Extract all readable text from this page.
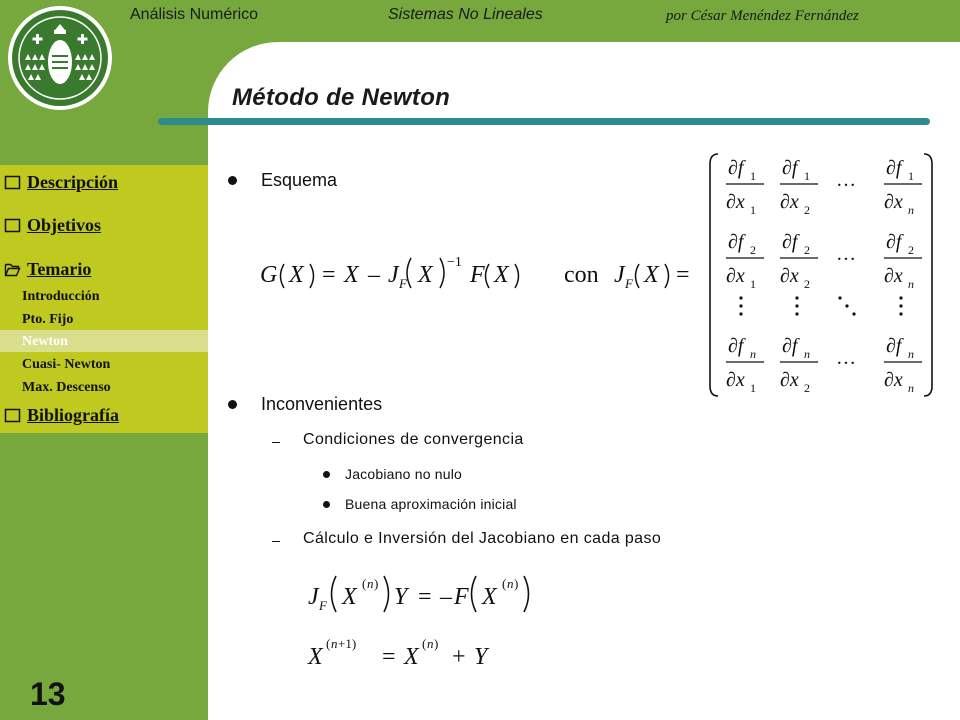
Análisis Numérico	Sistemas No Lineales	por César Menéndez Fernández
Método de Newton
Descripción
Objetivos
Temario
Introducción
Pto. Fijo
Newton
Cuasi- Newton
Max. Descenso
Bibliografía
13
Esquema
Inconvenientes
Condiciones de convergencia
Jacobiano no nulo
Buena aproximación inicial
Cálculo e Inversión del Jacobiano en cada paso
G X = X – J F X −1 F X con J F X =
∂f 1
∂x 1
∂f 1
∂x 2
…
∂f 1
∂x n
∂f 2
∂x 1
∂f 2
∂x 2
…
∂f 2
∂x n
∂f n
∂x 1
∂f n
∂x 2
…
∂f n
∂x n
J F X
( n )
Y = – F X
( n )
X
( n +1)
= X
( n )
+ Y
